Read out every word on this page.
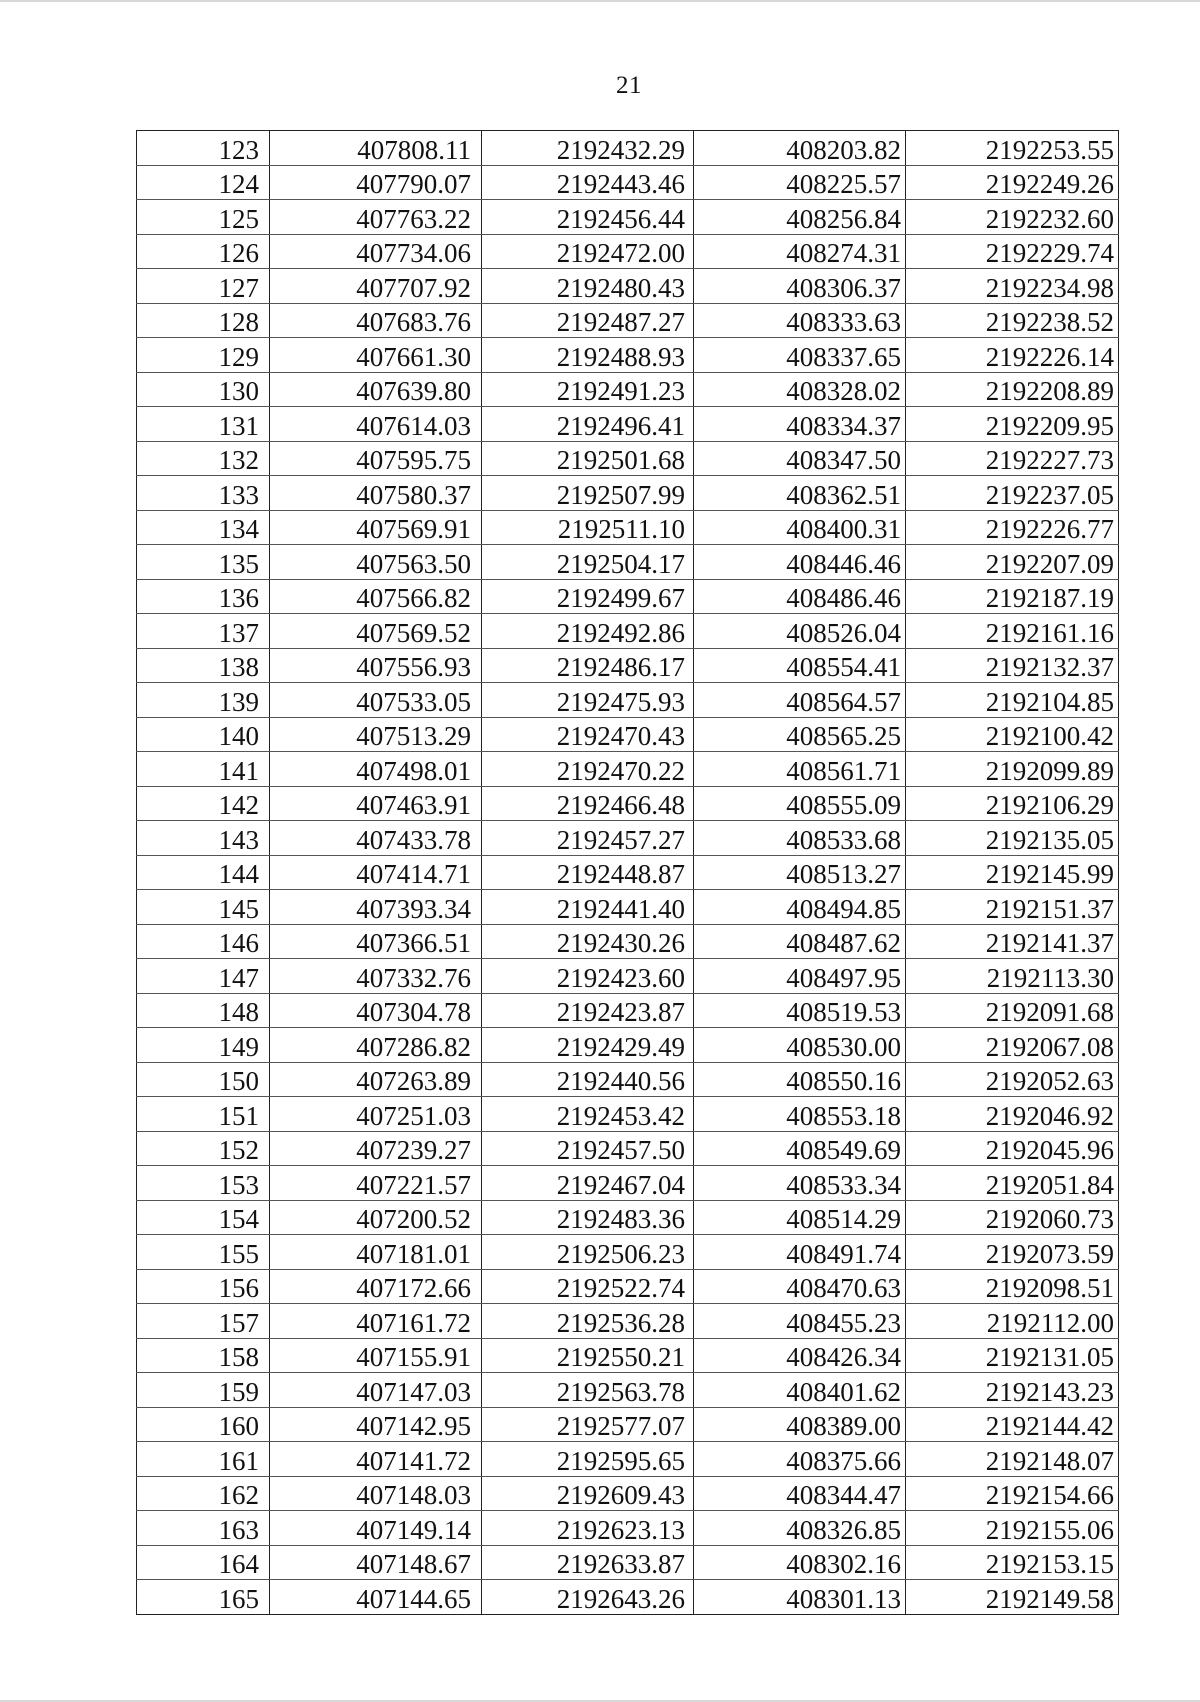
21
123	407808.11	2192432.29	408203.82	2192253.55
124	407790.07	2192443.46	408225.57	2192249.26
125	407763.22	2192456.44	408256.84	2192232.60
126	407734.06	2192472.00	408274.31	2192229.74
127	407707.92	2192480.43	408306.37	2192234.98
128	407683.76	2192487.27	408333.63	2192238.52
129	407661.30	2192488.93	408337.65	2192226.14
130	407639.80	2192491.23	408328.02	2192208.89
131	407614.03	2192496.41	408334.37	2192209.95
132	407595.75	2192501.68	408347.50	2192227.73
133	407580.37	2192507.99	408362.51	2192237.05
134	407569.91	2192511.10	408400.31	2192226.77
135	407563.50	2192504.17	408446.46	2192207.09
136	407566.82	2192499.67	408486.46	2192187.19
137	407569.52	2192492.86	408526.04	2192161.16
138	407556.93	2192486.17	408554.41	2192132.37
139	407533.05	2192475.93	408564.57	2192104.85
140	407513.29	2192470.43	408565.25	2192100.42
141	407498.01	2192470.22	408561.71	2192099.89
142	407463.91	2192466.48	408555.09	2192106.29
143	407433.78	2192457.27	408533.68	2192135.05
144	407414.71	2192448.87	408513.27	2192145.99
145	407393.34	2192441.40	408494.85	2192151.37
146	407366.51	2192430.26	408487.62	2192141.37
147	407332.76	2192423.60	408497.95	2192113.30
148	407304.78	2192423.87	408519.53	2192091.68
149	407286.82	2192429.49	408530.00	2192067.08
150	407263.89	2192440.56	408550.16	2192052.63
151	407251.03	2192453.42	408553.18	2192046.92
152	407239.27	2192457.50	408549.69	2192045.96
153	407221.57	2192467.04	408533.34	2192051.84
154	407200.52	2192483.36	408514.29	2192060.73
155	407181.01	2192506.23	408491.74	2192073.59
156	407172.66	2192522.74	408470.63	2192098.51
157	407161.72	2192536.28	408455.23	2192112.00
158	407155.91	2192550.21	408426.34	2192131.05
159	407147.03	2192563.78	408401.62	2192143.23
160	407142.95	2192577.07	408389.00	2192144.42
161	407141.72	2192595.65	408375.66	2192148.07
162	407148.03	2192609.43	408344.47	2192154.66
163	407149.14	2192623.13	408326.85	2192155.06
164	407148.67	2192633.87	408302.16	2192153.15
165	407144.65	2192643.26	408301.13	2192149.58
